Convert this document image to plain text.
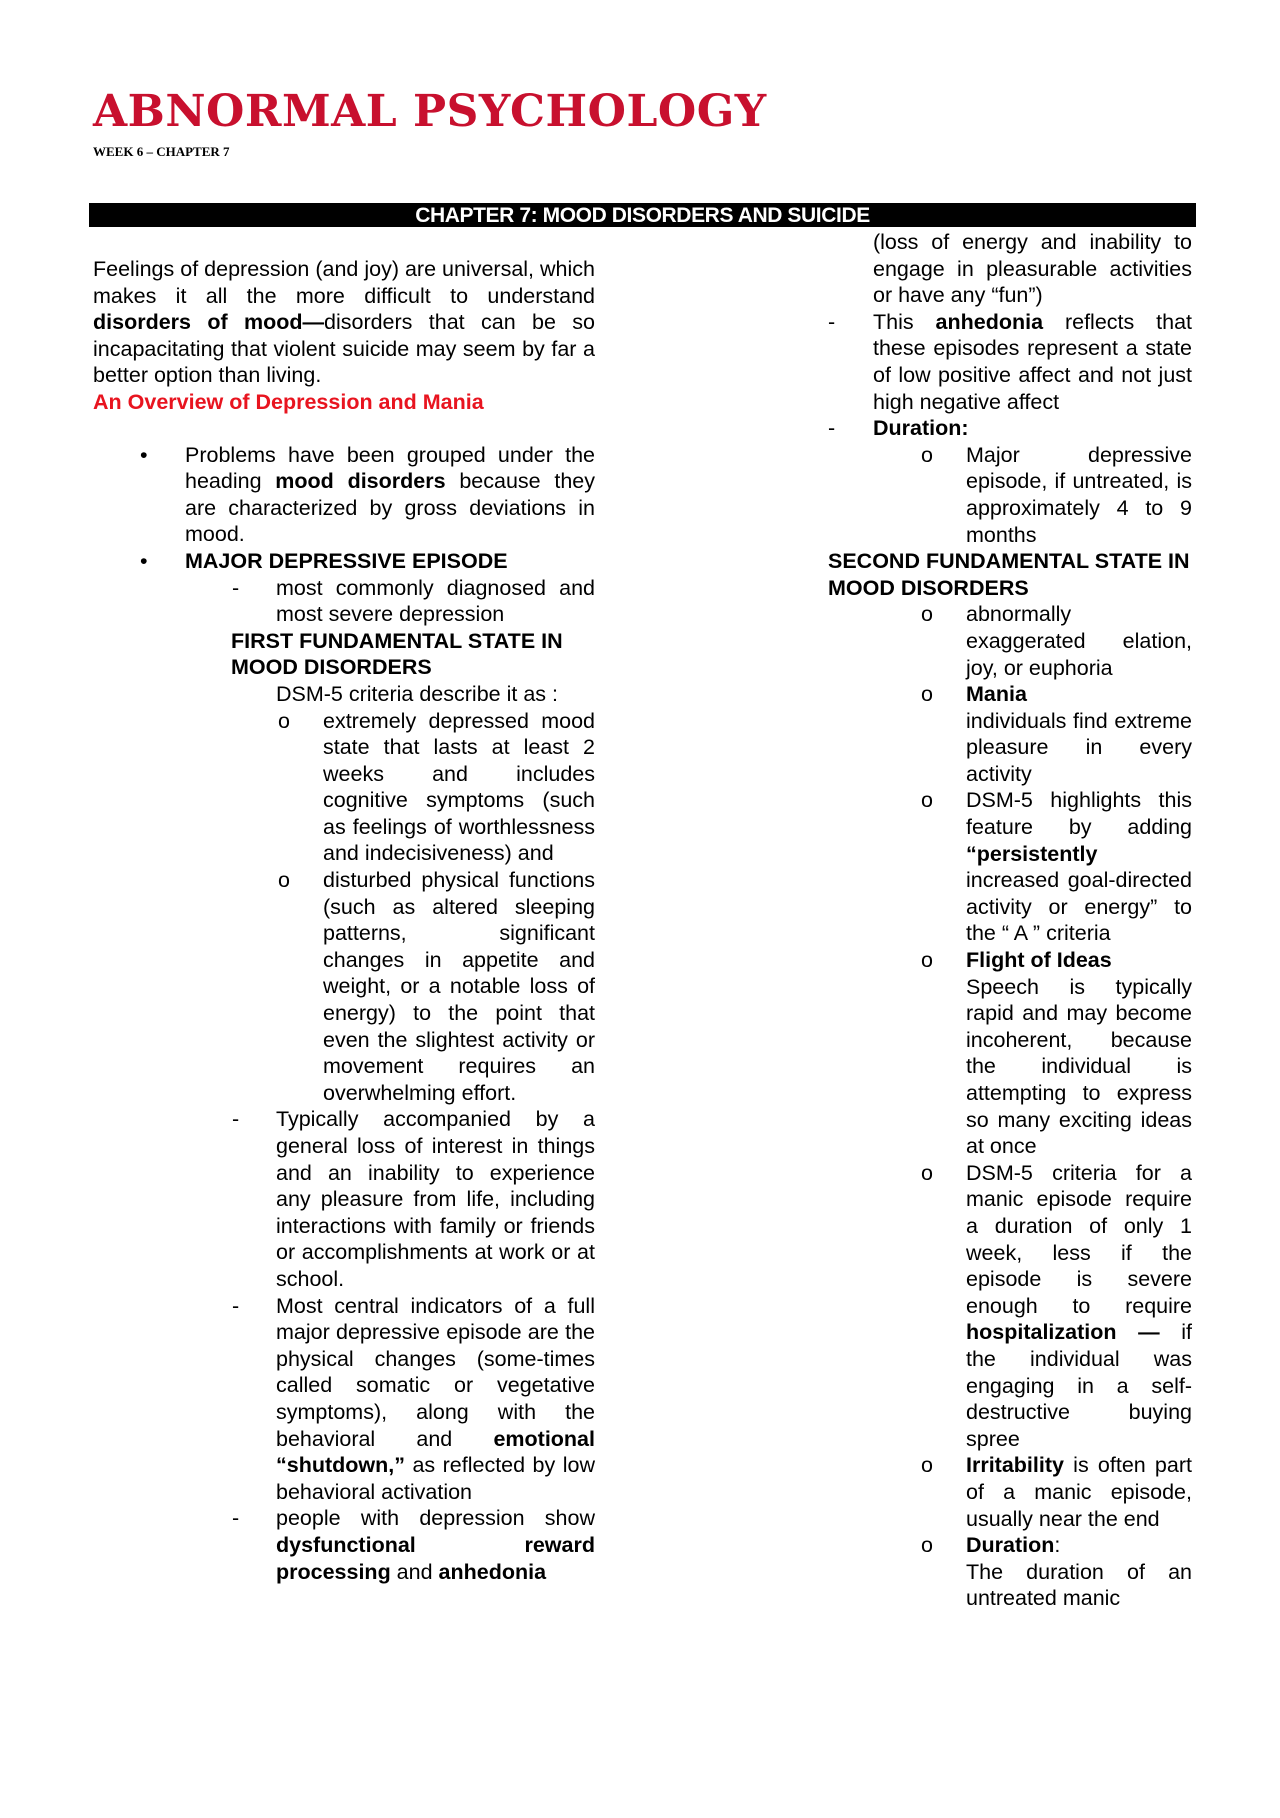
ABNORMAL PSYCHOLOGY
WEEK 6 – CHAPTER 7
CHAPTER 7: MOOD DISORDERS AND SUICIDE

Feelings of depression (and joy) are universal, which makes it all the more difficult to understand disorders of mood—disorders that can be so incapacitating that violent suicide may seem by far a better option than living.

An Overview of Depression and Mania

• Problems have been grouped under the heading mood disorders because they are characterized by gross deviations in mood.

• MAJOR DEPRESSIVE EPISODE

- most commonly diagnosed and most severe depression

FIRST FUNDAMENTAL STATE IN MOOD DISORDERS

DSM-5 criteria describe it as :

o extremely depressed mood state that lasts at least 2 weeks and includes cognitive symptoms (such as feelings of worthlessness and indecisiveness) and

o disturbed physical functions (such as altered sleeping patterns, significant changes in appetite and weight, or a notable loss of energy) to the point that even the slightest activity or movement requires an overwhelming effort.

- Typically accompanied by a general loss of interest in things and an inability to experience any pleasure from life, including interactions with family or friends or accomplishments at work or at school.

- Most central indicators of a full major depressive episode are the physical changes (some-times called somatic or vegetative symptoms), along with the behavioral and emotional “shutdown,” as reflected by low behavioral activation

- people with depression show dysfunctional reward processing and anhedonia

(loss of energy and inability to engage in pleasurable activities or have any “fun”)

- This anhedonia reflects that these episodes represent a state of low positive affect and not just high negative affect

- Duration:

o Major depressive episode, if untreated, is approximately 4 to 9 months

SECOND FUNDAMENTAL STATE IN MOOD DISORDERS

o abnormally exaggerated elation, joy, or euphoria

o Mania

individuals find extreme pleasure in every activity

o DSM-5 highlights this feature by adding “persistently increased goal-directed activity or energy” to the “ A ” criteria

o Flight of Ideas

Speech is typically rapid and may become incoherent, because the individual is attempting to express so many exciting ideas at once

o DSM-5 criteria for a manic episode require a duration of only 1 week, less if the episode is severe enough to require hospitalization — if the individual was engaging in a self-destructive buying spree

o Irritability is often part of a manic episode, usually near the end

o Duration:

The duration of an untreated manic
